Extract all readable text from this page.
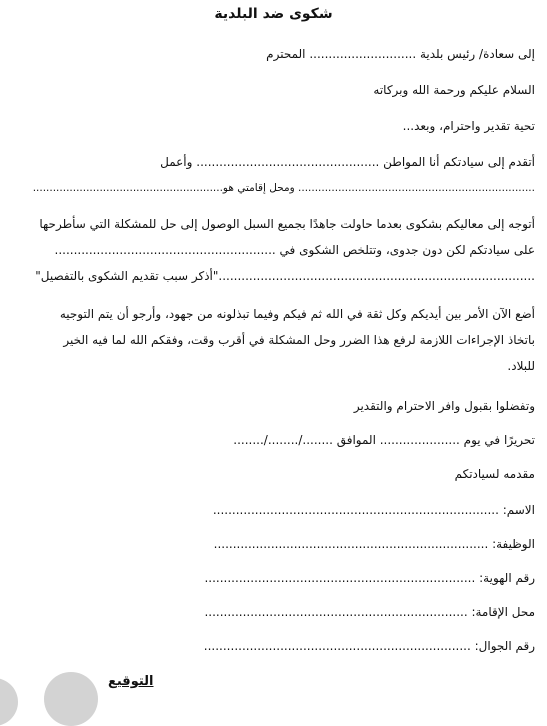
شكوى ضد البلدية
إلى سعادة/ رئيس بلدية ............................ المحترم
السلام عليكم ورحمة الله وبركاته
تحية تقدير واحترام، وبعد...
أتقدم إلى سيادتكم أنا المواطن ................................................ وأعمل
....................................................................... ومحل إقامتي هو.........................................................
أتوجه إلى معاليكم بشكوى بعدما حاولت جاهدًا بجميع السبل الوصول إلى حل للمشكلة التي سأطرحها
على سيادتكم لكن دون جدوى، وتتلخص الشكوى في ..........................................................
..................................................................................."أذكر سبب تقديم الشكوى بالتفصيل"
أضع الآن الأمر بين أيديكم وكل ثقة في الله ثم فيكم وفيما تبذلونه من جهود، وأرجو أن يتم التوجيه
باتخاذ الإجراءات اللازمة لرفع هذا الضرر وحل المشكلة في أقرب وقت، وفقكم الله لما فيه الخير
للبلاد.
وتفضلوا بقبول وافر الاحترام والتقدير
تحريرًا في يوم ..................... الموافق ......../......../........
مقدمه لسيادتكم
الاسم: ...........................................................................
الوظيفة: ........................................................................
رقم الهوية: .......................................................................
محل الإقامة: .....................................................................
رقم الجوال: ......................................................................
التوقيع
